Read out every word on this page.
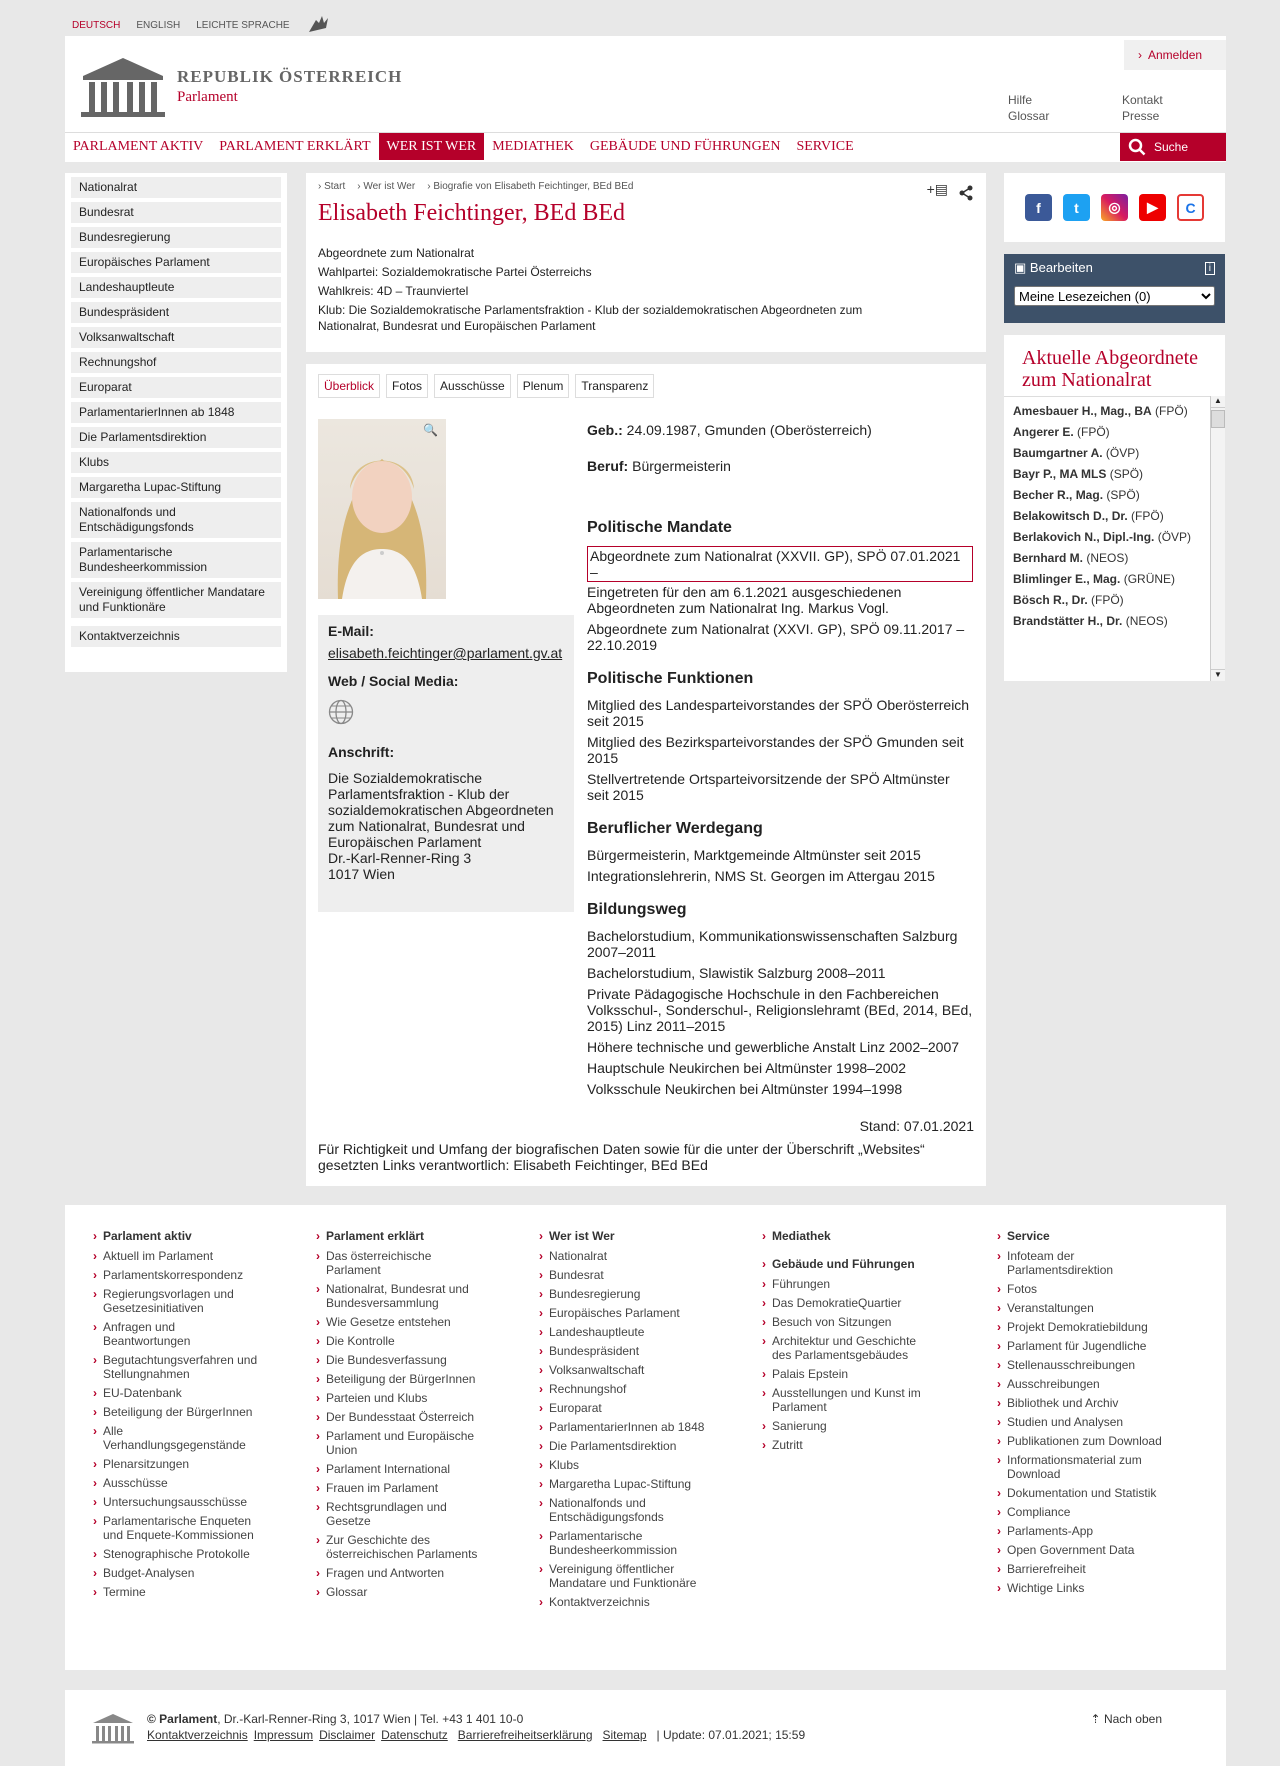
DEUTSCH ENGLISH LEICHTE SPRACHE
REPUBLIK ÖSTERREICH
Parlament
› Anmelden
Hilfe
Glossar
Kontakt
Presse
PARLAMENT AKTIV	PARLAMENT ERKLÄRT	WER IST WER	MEDIATHEK	GEBÄUDE UND FÜHRUNGEN	SERVICE	Suche
Nationalrat
Bundesrat
Bundesregierung
Europäisches Parlament
Landeshauptleute
Bundespräsident
Volksanwaltschaft
Rechnungshof
Europarat
ParlamentarierInnen ab 1848
Die Parlamentsdirektion
Klubs
Margaretha Lupac-Stiftung
Nationalfonds und Entschädigungsfonds
Parlamentarische Bundesheerkommission
Vereinigung öffentlicher Mandatare und Funktionäre
Kontaktverzeichnis
› Start › Wer ist Wer › Biografie von Elisabeth Feichtinger, BEd BEd	+▤
Elisabeth Feichtinger, BEd BEd
Abgeordnete zum Nationalrat
Wahlpartei: Sozialdemokratische Partei Österreichs
Wahlkreis: 4D – Traunviertel
Klub: Die Sozialdemokratische Parlamentsfraktion - Klub der sozialdemokratischen Abgeordneten zum Nationalrat, Bundesrat und Europäischen Parlament
Überblick	Fotos	Ausschüsse	Plenum	Transparenz
🔍
E-Mail:
elisabeth.feichtinger@parlament.gv.at
Web / Social Media:
Anschrift:
Die Sozialdemokratische
Parlamentsfraktion - Klub der
sozialdemokratischen Abgeordneten
zum Nationalrat, Bundesrat und
Europäischen Parlament
Dr.-Karl-Renner-Ring 3
1017 Wien
Geb.: 24.09.1987, Gmunden (Oberösterreich)
Beruf: Bürgermeisterin
Politische Mandate
Abgeordnete zum Nationalrat (XXVII. GP), SPÖ 07.01.2021 –
Eingetreten für den am 6.1.2021 ausgeschiedenen Abgeordneten zum Nationalrat Ing. Markus Vogl.
Abgeordnete zum Nationalrat (XXVI. GP), SPÖ 09.11.2017 – 22.10.2019
Politische Funktionen
Mitglied des Landesparteivorstandes der SPÖ Oberösterreich seit 2015
Mitglied des Bezirksparteivorstandes der SPÖ Gmunden seit 2015
Stellvertretende Ortsparteivorsitzende der SPÖ Altmünster seit 2015
Beruflicher Werdegang
Bürgermeisterin, Marktgemeinde Altmünster seit 2015
Integrationslehrerin, NMS St. Georgen im Attergau 2015
Bildungsweg
Bachelorstudium, Kommunikationswissenschaften Salzburg 2007–2011
Bachelorstudium, Slawistik Salzburg 2008–2011
Private Pädagogische Hochschule in den Fachbereichen Volksschul-, Sonderschul-, Religionslehramt (BEd, 2014, BEd, 2015) Linz 2011–2015
Höhere technische und gewerbliche Anstalt Linz 2002–2007
Hauptschule Neukirchen bei Altmünster 1998–2002
Volksschule Neukirchen bei Altmünster 1994–1998
Stand: 07.01.2021
Für Richtigkeit und Umfang der biografischen Daten sowie für die unter der Überschrift „Websites“ gesetzten Links verantwortlich: Elisabeth Feichtinger, BEd BEd
f	t	◎	▶	C
▣ Bearbeiten	i
Meine Lesezeichen (0)
Aktuelle Abgeordnete zum Nationalrat
Amesbauer H., Mag., BA (FPÖ)
Angerer E. (FPÖ)
Baumgartner A. (ÖVP)
Bayr P., MA MLS (SPÖ)
Becher R., Mag. (SPÖ)
Belakowitsch D., Dr. (FPÖ)
Berlakovich N., Dipl.-Ing. (ÖVP)
Bernhard M. (NEOS)
Blimlinger E., Mag. (GRÜNE)
Bösch R., Dr. (FPÖ)
Brandstätter H., Dr. (NEOS)
▲
▼
› Parlament aktiv
› Aktuell im Parlament
› Parlamentskorrespondenz
› Regierungsvorlagen und Gesetzesinitiativen
› Anfragen und Beantwortungen
› Begutachtungsverfahren und Stellungnahmen
› EU-Datenbank
› Beteiligung der BürgerInnen
› Alle Verhandlungsgegenstände
› Plenarsitzungen
› Ausschüsse
› Untersuchungsausschüsse
› Parlamentarische Enqueten und Enquete-Kommissionen
› Stenographische Protokolle
› Budget-Analysen
› Termine
› Parlament erklärt
› Das österreichische Parlament
› Nationalrat, Bundesrat und Bundesversammlung
› Wie Gesetze entstehen
› Die Kontrolle
› Die Bundesverfassung
› Beteiligung der BürgerInnen
› Parteien und Klubs
› Der Bundesstaat Österreich
› Parlament und Europäische Union
› Parlament International
› Frauen im Parlament
› Rechtsgrundlagen und Gesetze
› Zur Geschichte des österreichischen Parlaments
› Fragen und Antworten
› Glossar
› Wer ist Wer
› Nationalrat
› Bundesrat
› Bundesregierung
› Europäisches Parlament
› Landeshauptleute
› Bundespräsident
› Volksanwaltschaft
› Rechnungshof
› Europarat
› ParlamentarierInnen ab 1848
› Die Parlamentsdirektion
› Klubs
› Margaretha Lupac-Stiftung
› Nationalfonds und Entschädigungsfonds
› Parlamentarische Bundesheerkommission
› Vereinigung öffentlicher Mandatare und Funktionäre
› Kontaktverzeichnis
› Mediathek
› Gebäude und Führungen
› Führungen
› Das DemokratieQuartier
› Besuch von Sitzungen
› Architektur und Geschichte des Parlamentsgebäudes
› Palais Epstein
› Ausstellungen und Kunst im Parlament
› Sanierung
› Zutritt
› Service
› Infoteam der Parlamentsdirektion
› Fotos
› Veranstaltungen
› Projekt Demokratiebildung
› Parlament für Jugendliche
› Stellenausschreibungen
› Ausschreibungen
› Bibliothek und Archiv
› Studien und Analysen
› Publikationen zum Download
› Informationsmaterial zum Download
› Dokumentation und Statistik
› Compliance
› Parlaments-App
› Open Government Data
› Barrierefreiheit
› Wichtige Links
© Parlament, Dr.-Karl-Renner-Ring 3, 1017 Wien | Tel. +43 1 401 10-0
Kontaktverzeichnis Impressum Disclaimer Datenschutz Barrierefreiheitserklärung Sitemap | Update: 07.01.2021; 15:59
⇡ Nach oben
